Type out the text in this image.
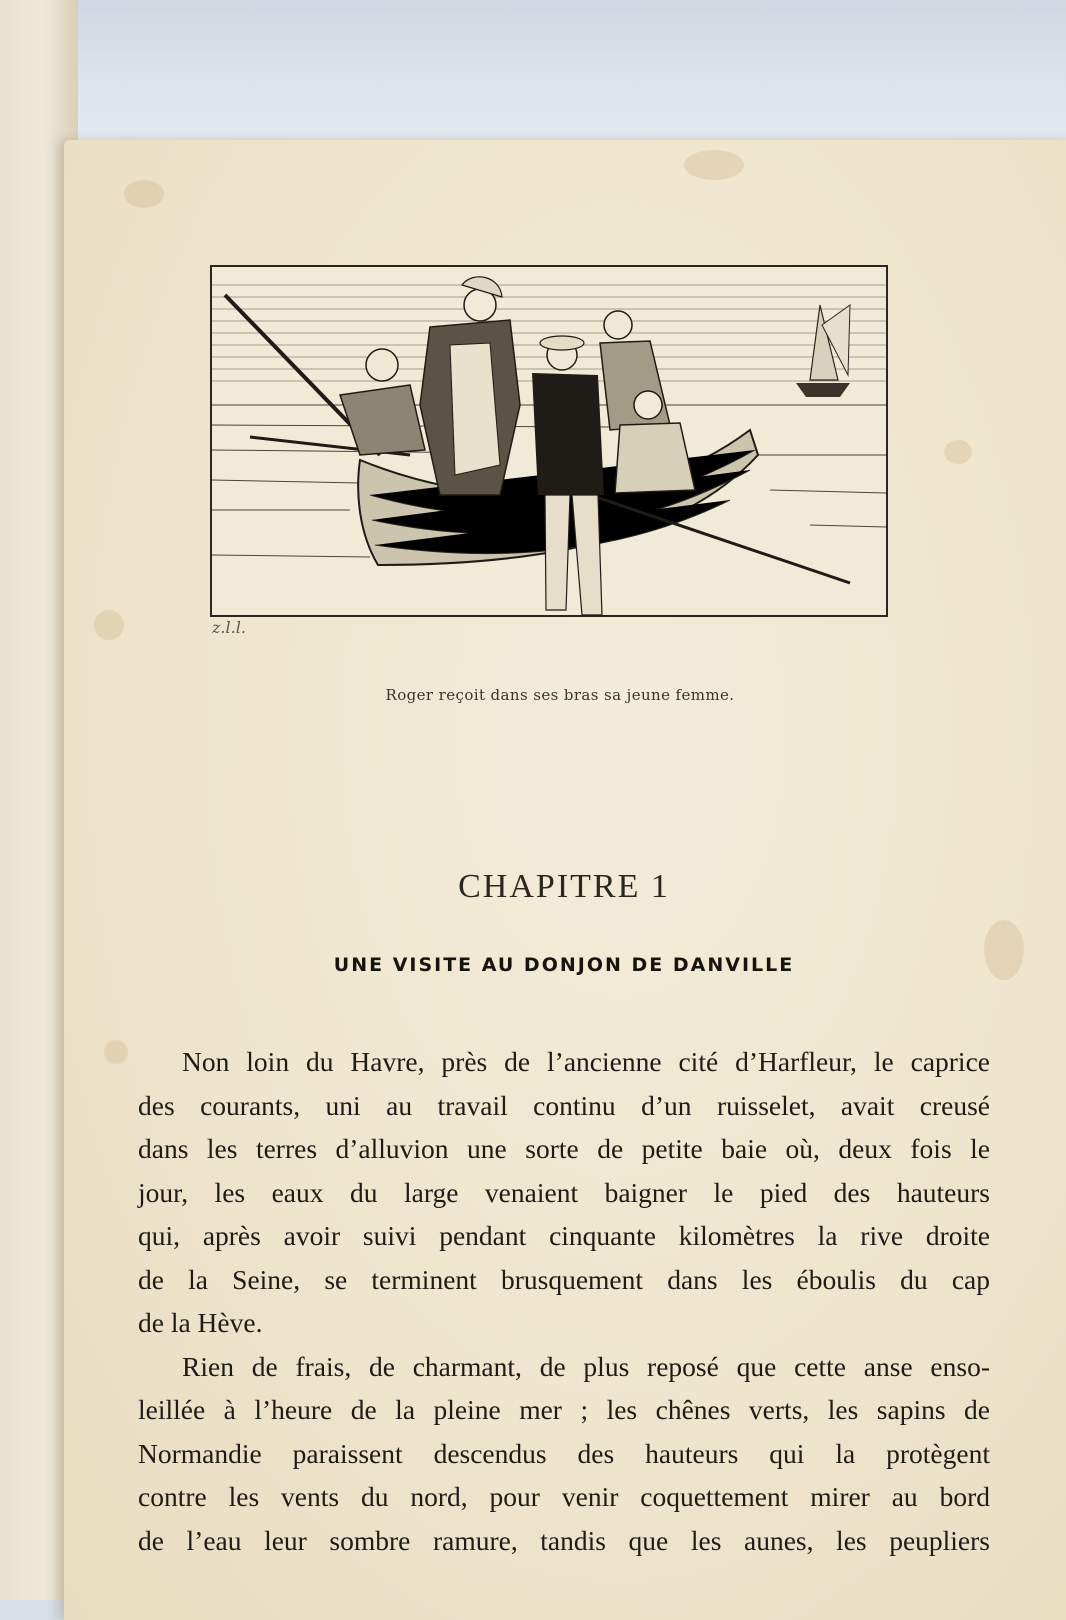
z.l.l.
Roger reçoit dans ses bras sa jeune femme.
CHAPITRE 1
UNE VISITE AU DONJON DE DANVILLE
Non loin du Havre, près de l’ancienne cité d’Harfleur, le caprice
des courants, uni au travail continu d’un ruisselet, avait creusé
dans les terres d’alluvion une sorte de petite baie où, deux fois le
jour, les eaux du large venaient baigner le pied des hauteurs
qui, après avoir suivi pendant cinquante kilomètres la rive droite
de la Seine, se terminent brusquement dans les éboulis du cap
de la Hève.
Rien de frais, de charmant, de plus reposé que cette anse enso-
leillée à l’heure de la pleine mer ; les chênes verts, les sapins de
Normandie paraissent descendus des hauteurs qui la protègent
contre les vents du nord, pour venir coquettement mirer au bord
de l’eau leur sombre ramure, tandis que les aunes, les peupliers
